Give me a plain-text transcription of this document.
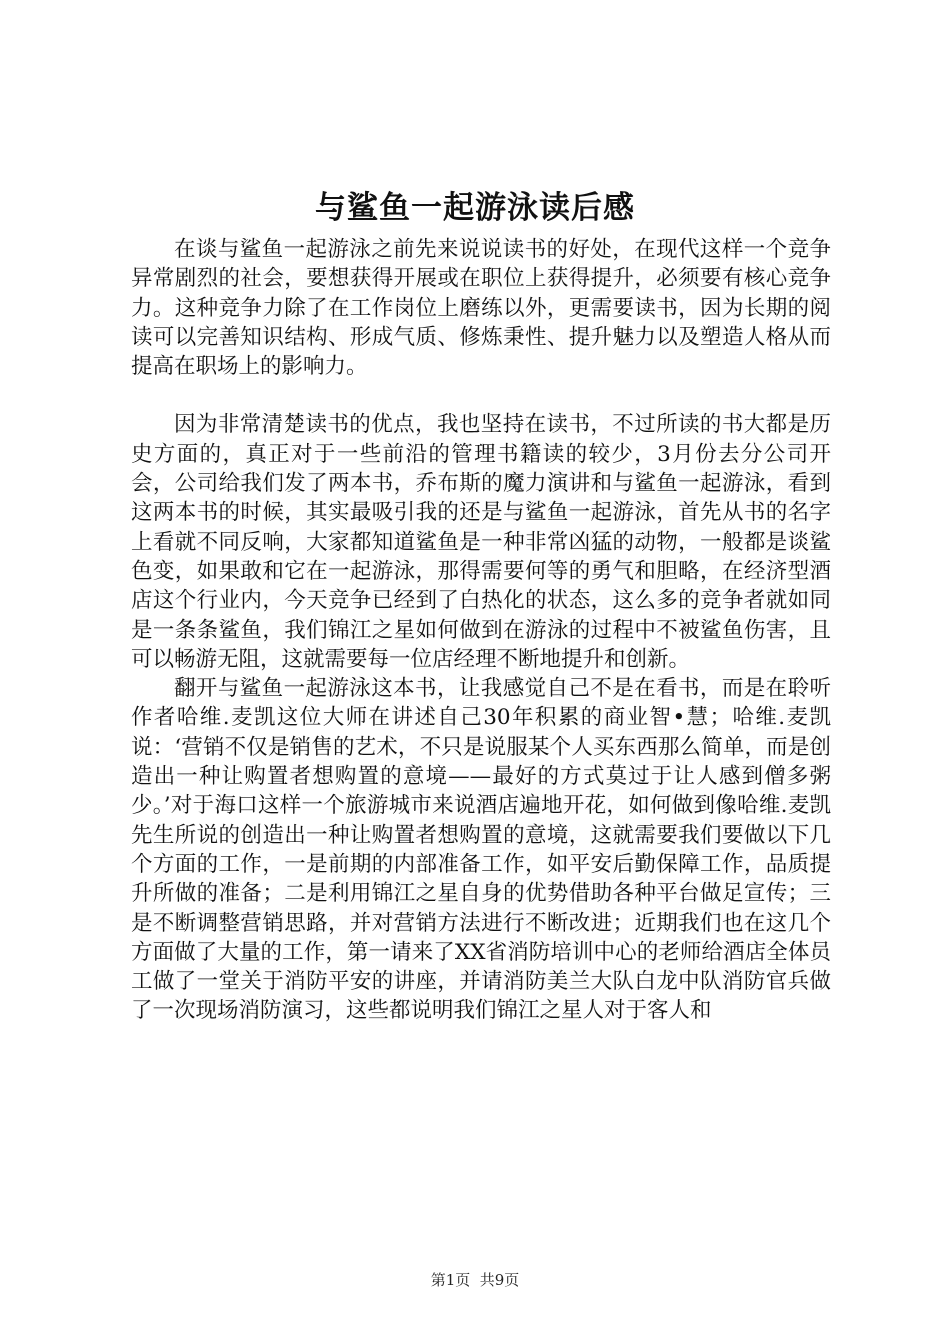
与鲨鱼一起游泳读后感

在谈与鲨鱼一起游泳之前先来说说读书的好处，在现代这样一个竞争异常剧烈的社会，要想获得开展或在职位上获得提升，必须要有核心竞争力。这种竞争力除了在工作岗位上磨练以外，更需要读书，因为长期的阅读可以完善知识结构、形成气质、修炼秉性、提升魅力以及塑造人格从而提高在职场上的影响力。

因为非常清楚读书的优点，我也坚持在读书，不过所读的书大都是历史方面的，真正对于一些前沿的管理书籍读的较少，3月份去分公司开会，公司给我们发了两本书，乔布斯的魔力演讲和与鲨鱼一起游泳，看到这两本书的时候，其实最吸引我的还是与鲨鱼一起游泳，首先从书的名字上看就不同反响，大家都知道鲨鱼是一种非常凶猛的动物，一般都是谈鲨色变，如果敢和它在一起游泳，那得需要何等的勇气和胆略，在经济型酒店这个行业内，今天竞争已经到了白热化的状态，这么多的竞争者就如同是一条条鲨鱼，我们锦江之星如何做到在游泳的过程中不被鲨鱼伤害，且可以畅游无阻，这就需要每一位店经理不断地提升和创新。

翻开与鲨鱼一起游泳这本书，让我感觉自己不是在看书，而是在聆听作者哈维.麦凯这位大师在讲述自己30年积累的商业智•慧；哈维.麦凯说：‘营销不仅是销售的艺术，不只是说服某个人买东西那么简单，而是创造出一种让购置者想购置的意境——最好的方式莫过于让人感到僧多粥少。’对于海口这样一个旅游城市来说酒店遍地开花，如何做到像哈维.麦凯先生所说的创造出一种让购置者想购置的意境，这就需要我们要做以下几个方面的工作，一是前期的内部准备工作，如平安后勤保障工作，品质提升所做的准备；二是利用锦江之星自身的优势借助各种平台做足宣传；三是不断调整营销思路，并对营销方法进行不断改进；近期我们也在这几个方面做了大量的工作，第一请来了XX省消防培训中心的老师给酒店全体员工做了一堂关于消防平安的讲座，并请消防美兰大队白龙中队消防官兵做了一次现场消防演习，这些都说明我们锦江之星人对于客人和

第1页  共9页
